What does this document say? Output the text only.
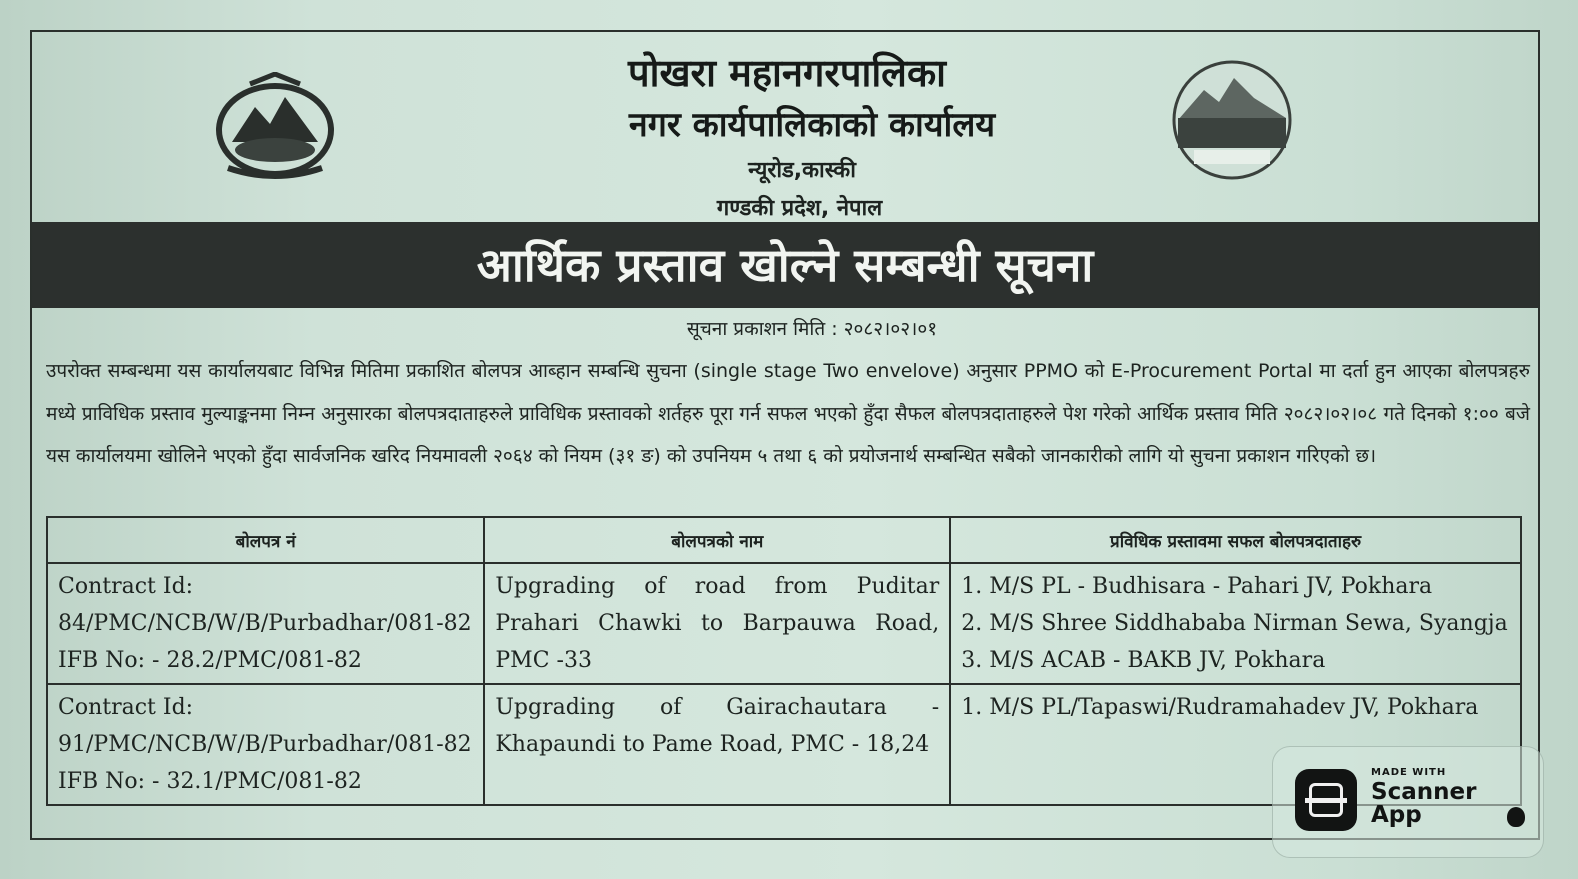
पोखरा महानगरपालिका
नगर कार्यपालिकाको कार्यालय
न्यूरोड,कास्की
गण्डकी प्रदेश, नेपाल
आर्थिक प्रस्ताव खोल्ने सम्बन्धी सूचना
सूचना प्रकाशन मिति : २०८२।०२।०१
उपरोक्त सम्बन्धमा यस कार्यालयबाट विभिन्न मितिमा प्रकाशित बोलपत्र आब्हान सम्बन्धि सुचना (single stage Two envelove) अनुसार PPMO को E-Procurement Portal मा दर्ता हुन आएका बोलपत्रहरु मध्ये प्राविधिक प्रस्ताव मुल्याङ्कनमा निम्न अनुसारका बोलपत्रदाताहरुले प्राविधिक प्रस्तावको शर्तहरु पूरा गर्न सफल भएको हुँदा सैफल बोलपत्रदाताहरुले पेश गरेको आर्थिक प्रस्ताव मिति २०८२।०२।०८ गते दिनको १:०० बजे यस कार्यालयमा खोलिने भएको हुँदा सार्वजनिक खरिद नियमावली २०६४ को नियम (३१ ङ) को उपनियम ५ तथा ६ को प्रयोजनार्थ सम्बन्धित सबैको जानकारीको लागि यो सुचना प्रकाशन गरिएको छ।
बोलपत्र नं	बोलपत्रको नाम	प्रविधिक प्रस्तावमा सफल बोलपत्रदाताहरु

Contract Id:
84/PMC/NCB/W/B/Purbadhar/081-82
IFB No: - 28.2/PMC/081-82	Upgrading of road from Puditar Prahari Chawki to Barpauwa Road, PMC -33	1. M/S PL - Budhisara - Pahari JV, Pokhara
2. M/S Shree Siddhababa Nirman Sewa, Syangja
3. M/S ACAB - BAKB JV, Pokhara

Contract Id:
91/PMC/NCB/W/B/Purbadhar/081-82
IFB No: - 32.1/PMC/081-82	Upgrading of Gairachautara - Khapaundi to Pame Road, PMC - 18,24	1. M/S PL/Tapaswi/Rudramahadev JV, Pokhara
MADE WITH
Scanner
App
